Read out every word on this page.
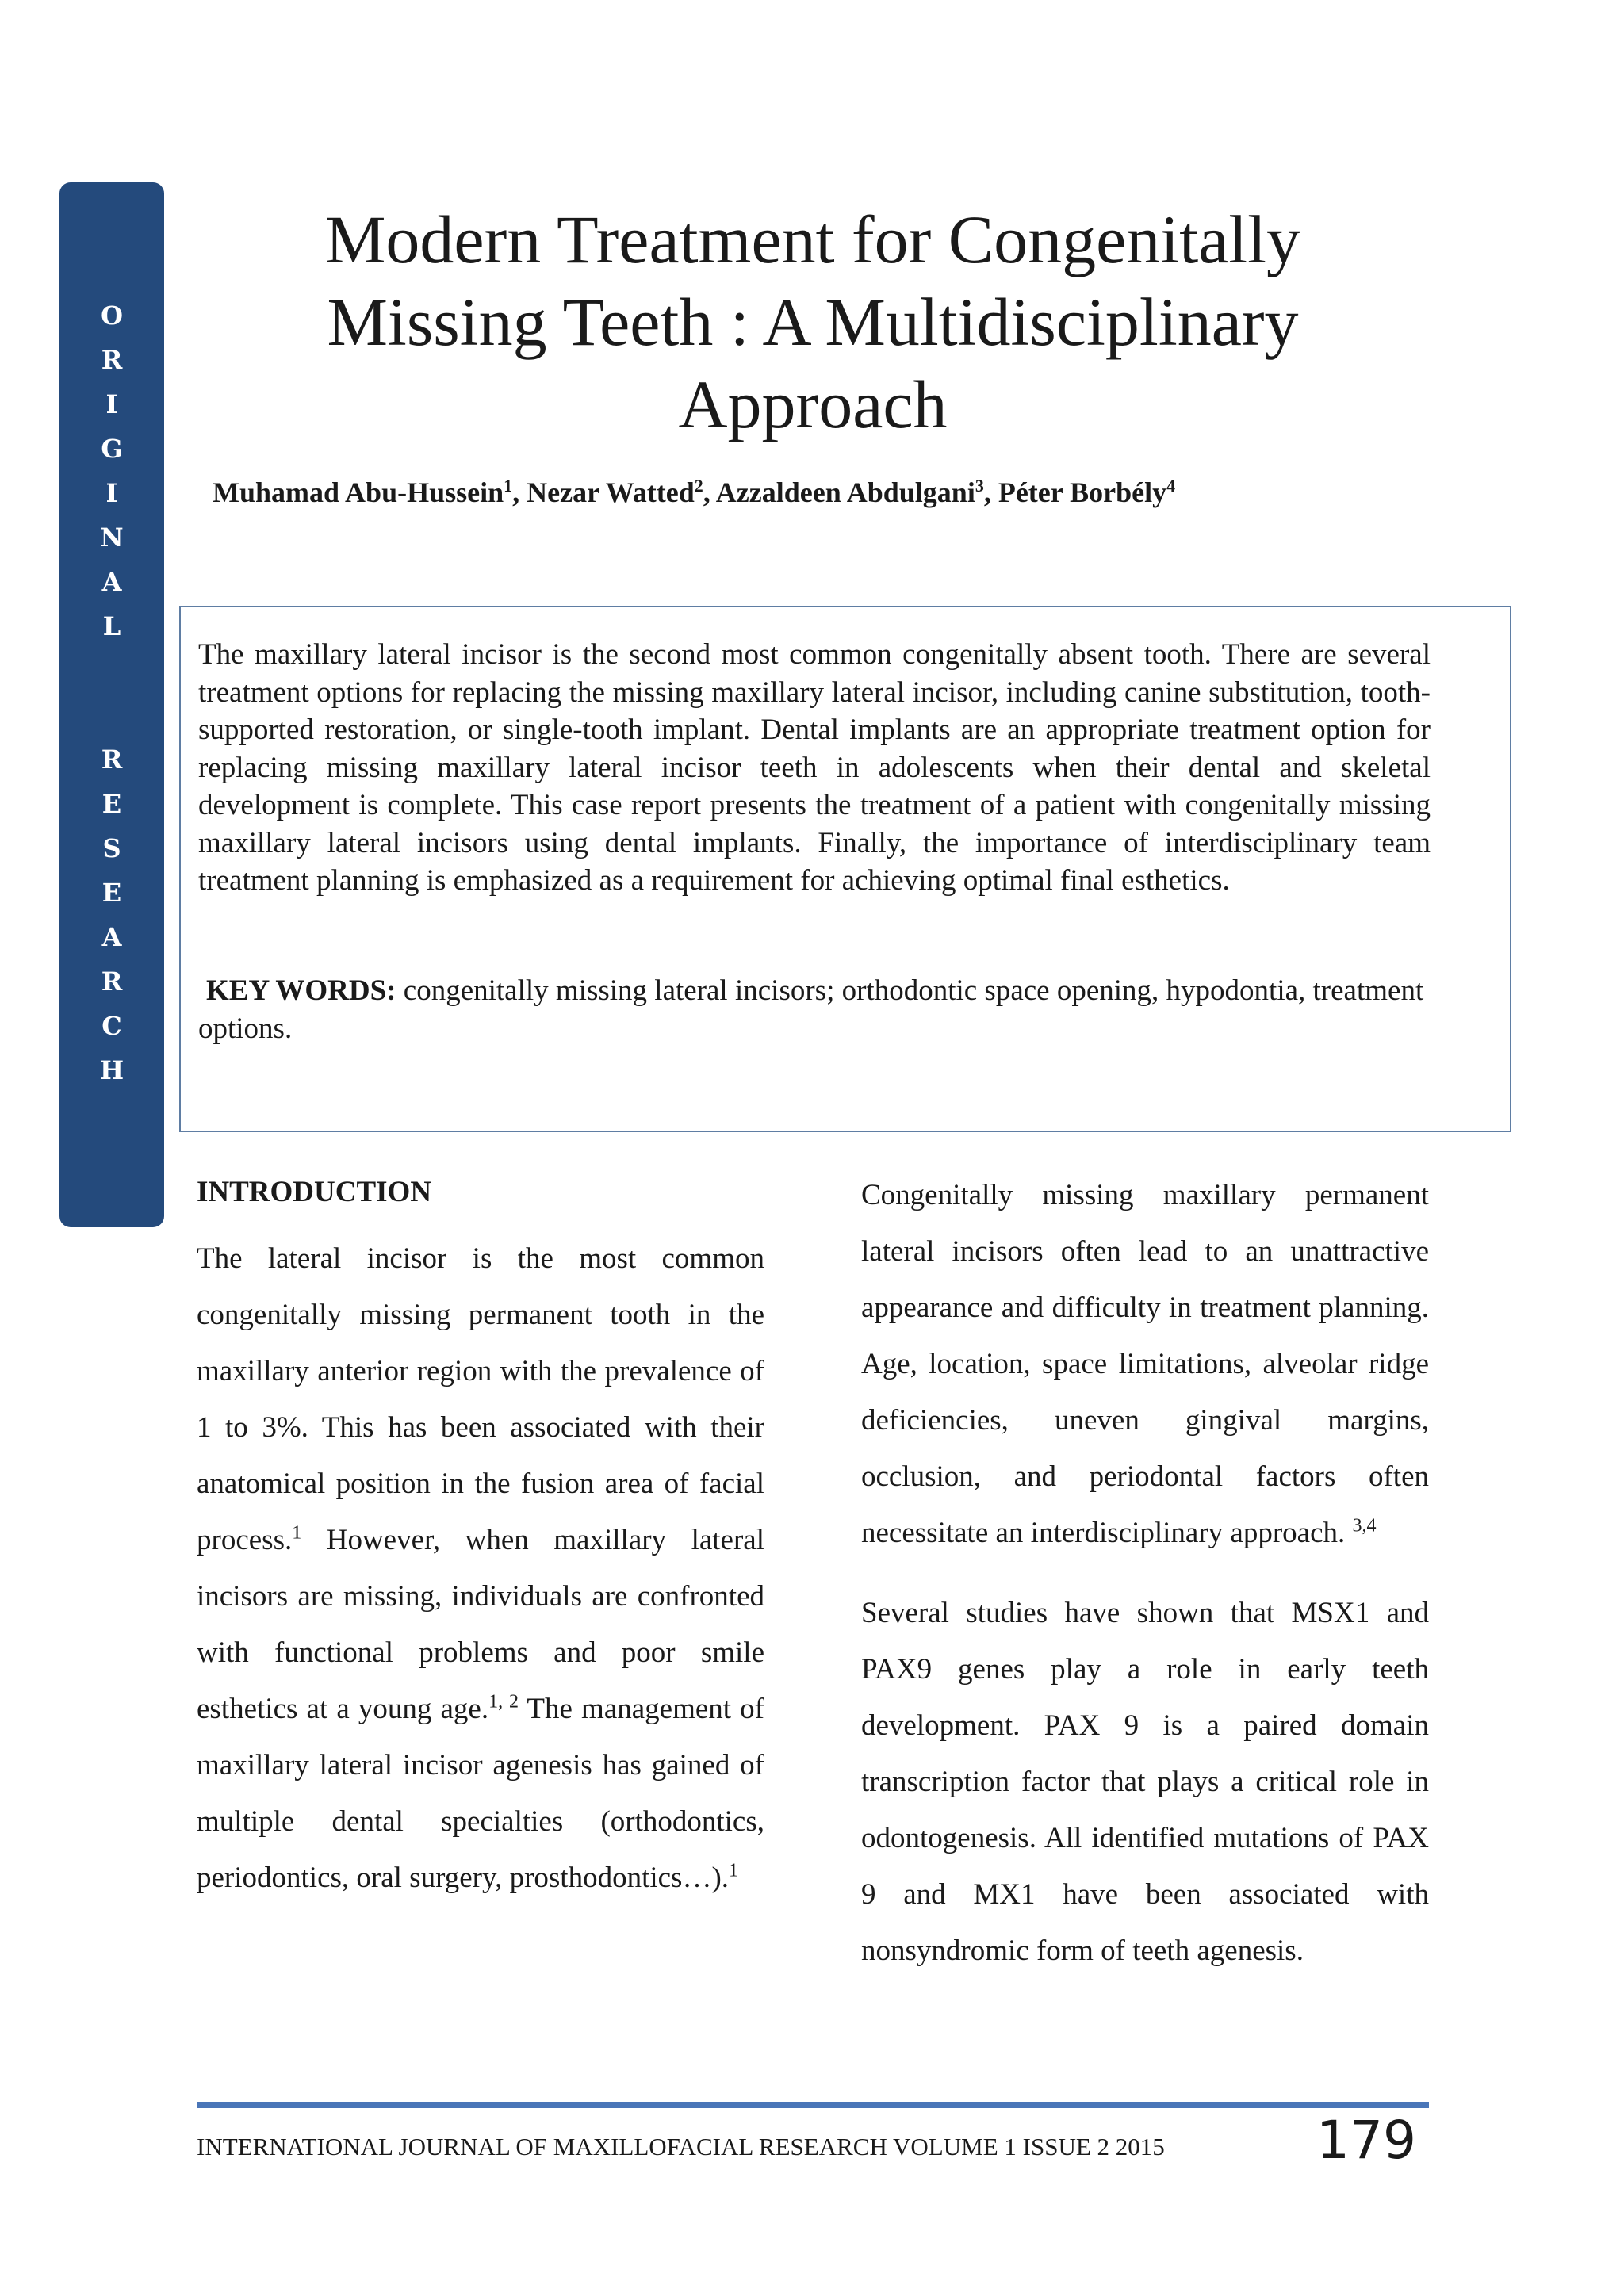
O
R
I
G
I
N
A
L
R
E
S
E
A
R
C
H
Modern Treatment for Congenitally
Missing Teeth : A Multidisciplinary
Approach
Muhamad Abu-Hussein$^1$, Nezar Watted$^2$, Azzaldeen Abdulgani$^3$, Péter Borbély$^4$

The maxillary lateral incisor is the second most common congenitally absent tooth. There are several treatment options for replacing the missing maxillary lateral incisor, including canine substitution, tooth-supported restoration, or single-tooth implant. Dental implants are an appropriate treatment option for replacing missing maxillary lateral incisor teeth in adolescents when their dental and skeletal development is complete. This case report presents the treatment of a patient with congenitally missing maxillary lateral incisors using dental implants. Finally, the importance of interdisciplinary team treatment planning is emphasized as a requirement for achieving optimal final esthetics.

KEY WORDS: congenitally missing lateral incisors; orthodontic space opening, hypodontia, treatment options.

INTRODUCTION

The lateral incisor is the most common congenitally missing permanent tooth in the maxillary anterior region with the prevalence of 1 to 3%. This has been associated with their anatomical position in the fusion area of facial process.$^1$ However, when maxillary lateral incisors are missing, individuals are confronted with functional problems and poor smile esthetics at a young age.$^{1, 2}$ The management of maxillary lateral incisor agenesis has gained of multiple dental specialties (orthodontics, periodontics, oral surgery, prosthodontics…).$^1$

Congenitally missing maxillary permanent lateral incisors often lead to an unattractive appearance and difficulty in treatment planning. Age, location, space limitations, alveolar ridge deficiencies, uneven gingival margins, occlusion, and periodontal factors often necessitate an interdisciplinary approach. $^{3,4}$

Several studies have shown that MSX1 and PAX9 genes play a role in early teeth development. PAX 9 is a paired domain transcription factor that plays a critical role in odontogenesis. All identified mutations of PAX 9 and MX1 have been associated with nonsyndromic form of teeth agenesis.

INTERNATIONAL JOURNAL OF MAXILLOFACIAL RESEARCH VOLUME 1 ISSUE 2 2015	179
